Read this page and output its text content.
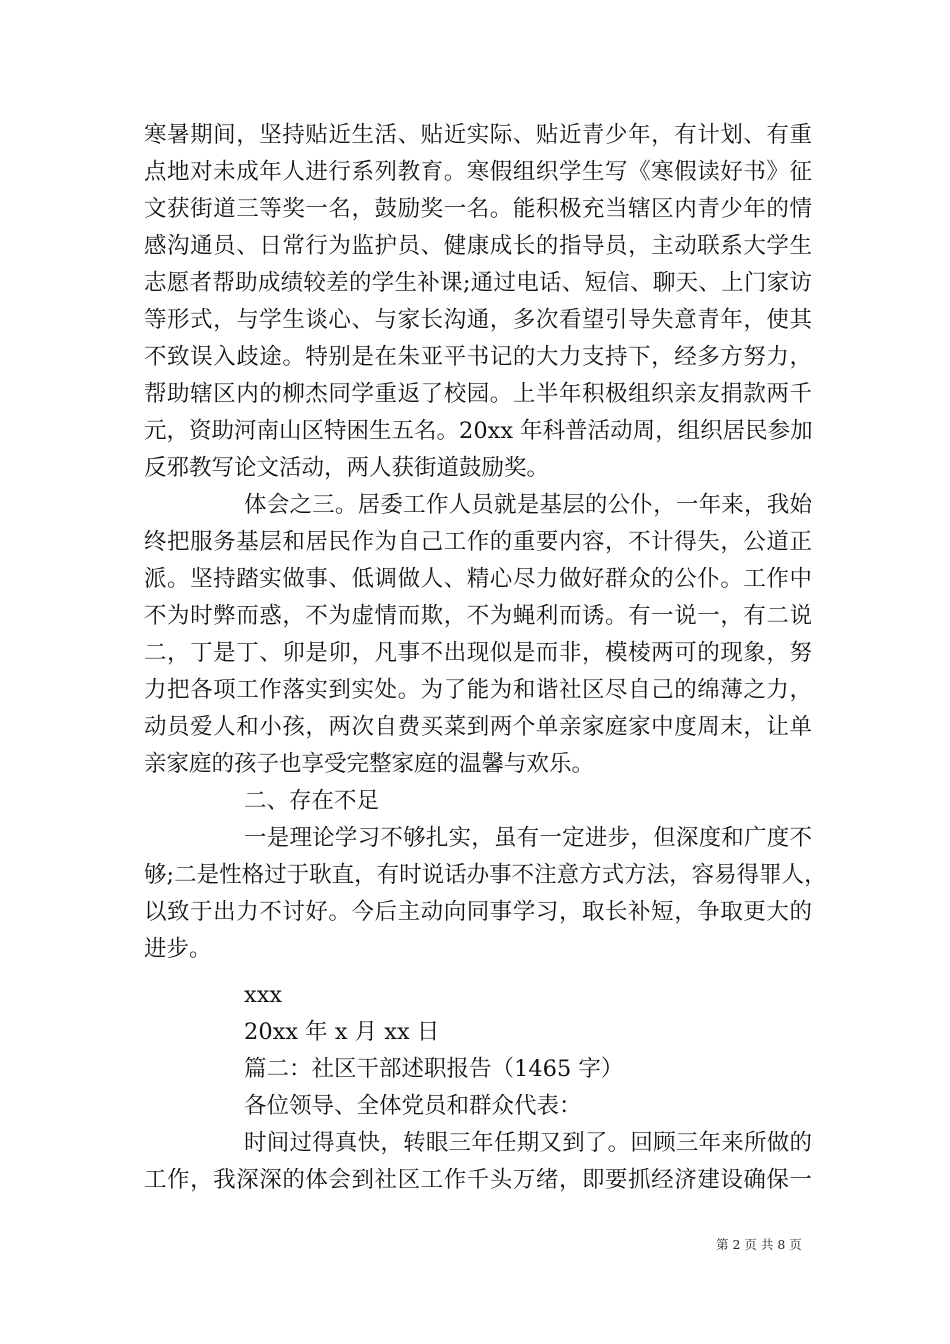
寒暑期间，坚持贴近生活、贴近实际、贴近青少年，有计划、有重
点地对未成年人进行系列教育。寒假组织学生写《寒假读好书》征
文获街道三等奖一名，鼓励奖一名。能积极充当辖区内青少年的情
感沟通员、日常行为监护员、健康成长的指导员，主动联系大学生
志愿者帮助成绩较差的学生补课;通过电话、短信、聊天、上门家访
等形式，与学生谈心、与家长沟通，多次看望引导失意青年，使其
不致误入歧途。特别是在朱亚平书记的大力支持下，经多方努力，
帮助辖区内的柳杰同学重返了校园。上半年积极组织亲友捐款两千
元，资助河南山区特困生五名。20xx 年科普活动周，组织居民参加
反邪教写论文活动，两人获街道鼓励奖。
体会之三。居委工作人员就是基层的公仆，一年来，我始
终把服务基层和居民作为自己工作的重要内容，不计得失，公道正
派。坚持踏实做事、低调做人、精心尽力做好群众的公仆。工作中
不为时弊而惑，不为虚情而欺，不为蝇利而诱。有一说一，有二说
二，丁是丁、卯是卯，凡事不出现似是而非，模棱两可的现象，努
力把各项工作落实到实处。为了能为和谐社区尽自己的绵薄之力，
动员爱人和小孩，两次自费买菜到两个单亲家庭家中度周末，让单
亲家庭的孩子也享受完整家庭的温馨与欢乐。
二、存在不足
一是理论学习不够扎实，虽有一定进步，但深度和广度不
够;二是性格过于耿直，有时说话办事不注意方式方法，容易得罪人，
以致于出力不讨好。今后主动向同事学习，取长补短，争取更大的
进步。
xxx
20xx 年 x 月 xx 日
篇二：社区干部述职报告（1465 字）
各位领导、全体党员和群众代表：
时间过得真快，转眼三年任期又到了。回顾三年来所做的
工作，我深深的体会到社区工作千头万绪，即要抓经济建设确保一
第 2 页 共 8 页
